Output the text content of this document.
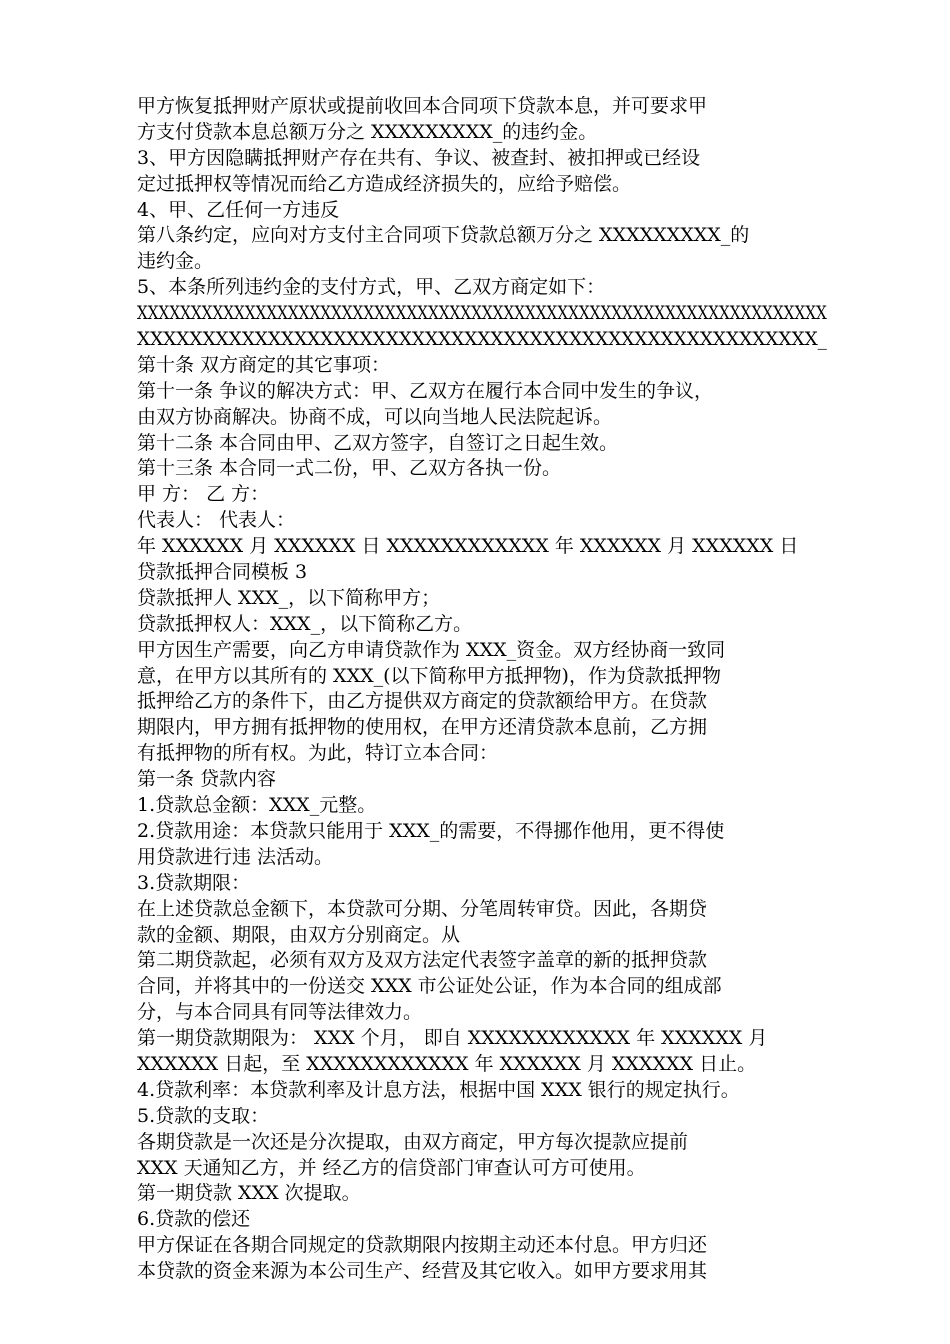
甲方恢复抵押财产原状或提前收回本合同项下贷款本息，并可要求甲
方支付贷款本息总额万分之 XXXXXXXXX_的违约金。
3、甲方因隐瞒抵押财产存在共有、争议、被查封、被扣押或已经设
定过抵押权等情况而给乙方造成经济损失的，应给予赔偿。
4、甲、乙任何一方违反
第八条约定，应向对方支付主合同项下贷款总额万分之 XXXXXXXXX_的
违约金。
5、本条所列违约金的支付方式，甲、乙双方商定如下：
XXXXXXXXXXXXXXXXXXXXXXXXXXXXXXXXXXXXXXXXXXXXXXXXXXXXXXXXXXXXXXXX
XXXXXXXXXXXXXXXXXXXXXXXXXXXXXXXXXXXXXXXXXXXXXXXXXXXX_
第十条 双方商定的其它事项：
第十一条 争议的解决方式：甲、乙双方在履行本合同中发生的争议，
由双方协商解决。协商不成，可以向当地人民法院起诉。
第十二条 本合同由甲、乙双方签字，自签订之日起生效。
第十三条 本合同一式二份，甲、乙双方各执一份。
甲 方： 乙 方：
代表人： 代表人：
年 XXXXXX 月 XXXXXX 日 XXXXXXXXXXXX 年 XXXXXX 月 XXXXXX 日
贷款抵押合同模板 3
贷款抵押人 XXX_，以下简称甲方；
贷款抵押权人：XXX_，以下简称乙方。
甲方因生产需要，向乙方申请贷款作为 XXX_资金。双方经协商一致同
意，在甲方以其所有的 XXX_(以下简称甲方抵押物)，作为贷款抵押物
抵押给乙方的条件下，由乙方提供双方商定的贷款额给甲方。在贷款
期限内，甲方拥有抵押物的使用权，在甲方还清贷款本息前，乙方拥
有抵押物的所有权。为此，特订立本合同：
第一条 贷款内容
1.贷款总金额：XXX_元整。
2.贷款用途：本贷款只能用于 XXX_的需要，不得挪作他用，更不得使
用贷款进行违 法活动。
3.贷款期限：
在上述贷款总金额下，本贷款可分期、分笔周转审贷。因此，各期贷
款的金额、期限，由双方分别商定。从
第二期贷款起，必须有双方及双方法定代表签字盖章的新的抵押贷款
合同，并将其中的一份送交 XXX 市公证处公证，作为本合同的组成部
分，与本合同具有同等法律效力。
第一期贷款期限为： XXX 个月， 即自 XXXXXXXXXXXX 年 XXXXXX 月
XXXXXX 日起，至 XXXXXXXXXXXX 年 XXXXXX 月 XXXXXX 日止。
4.贷款利率：本贷款利率及计息方法，根据中国 XXX 银行的规定执行。
5.贷款的支取：
各期贷款是一次还是分次提取，由双方商定，甲方每次提款应提前
XXX 天通知乙方，并 经乙方的信贷部门审查认可方可使用。
第一期贷款 XXX 次提取。
6.贷款的偿还
甲方保证在各期合同规定的贷款期限内按期主动还本付息。甲方归还
本贷款的资金来源为本公司生产、经营及其它收入。如甲方要求用其
